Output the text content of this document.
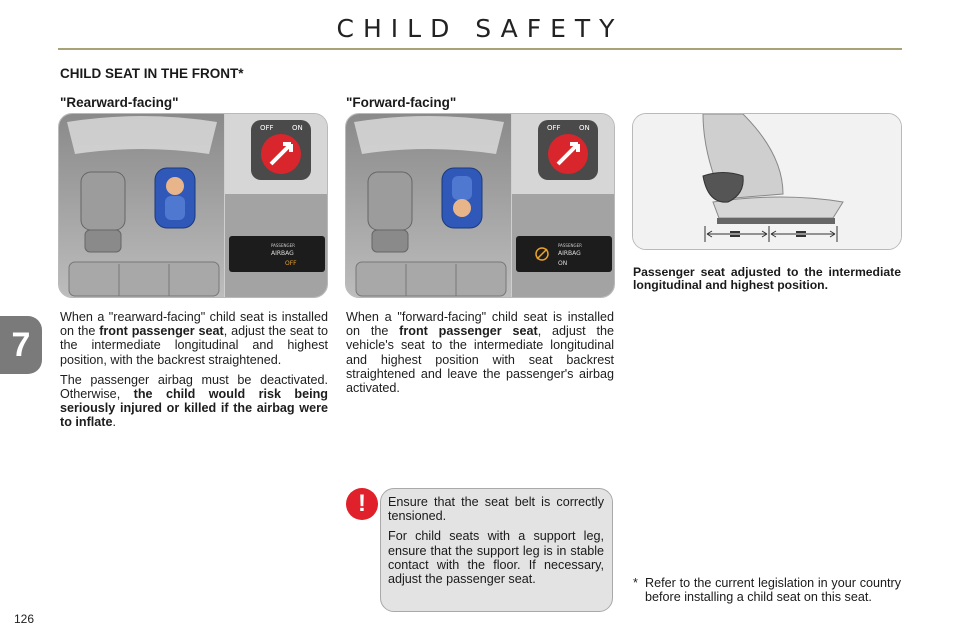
CHILD SAFETY
7
126
CHILD SEAT IN THE FRONT*
"Rearward-facing"	"Forward-facing"
OFF	ON
PASSENGER
AIRBAG
OFF
OFF	ON
PASSENGER
AIRBAG
ON
Passenger seat adjusted to the intermediate longitudinal and highest position.

When a "rearward-facing" child seat is installed on the front passenger seat, adjust the seat to the intermediate longitudinal and highest position, with the backrest straightened.

The passenger airbag must be deactivated. Otherwise, the child would risk being seriously injured or killed if the airbag were to inflate.

When a "forward-facing" child seat is installed on the front passenger seat, adjust the vehicle's seat to the intermediate longitudinal and highest position with seat backrest straightened and leave the passenger's airbag activated.

!	Ensure that the seat belt is correctly tensioned.

For child seats with a support leg, ensure that the support leg is in stable contact with the floor. If necessary, adjust the passenger seat.	* Refer to the current legislation in your country before installing a child seat on this seat.
